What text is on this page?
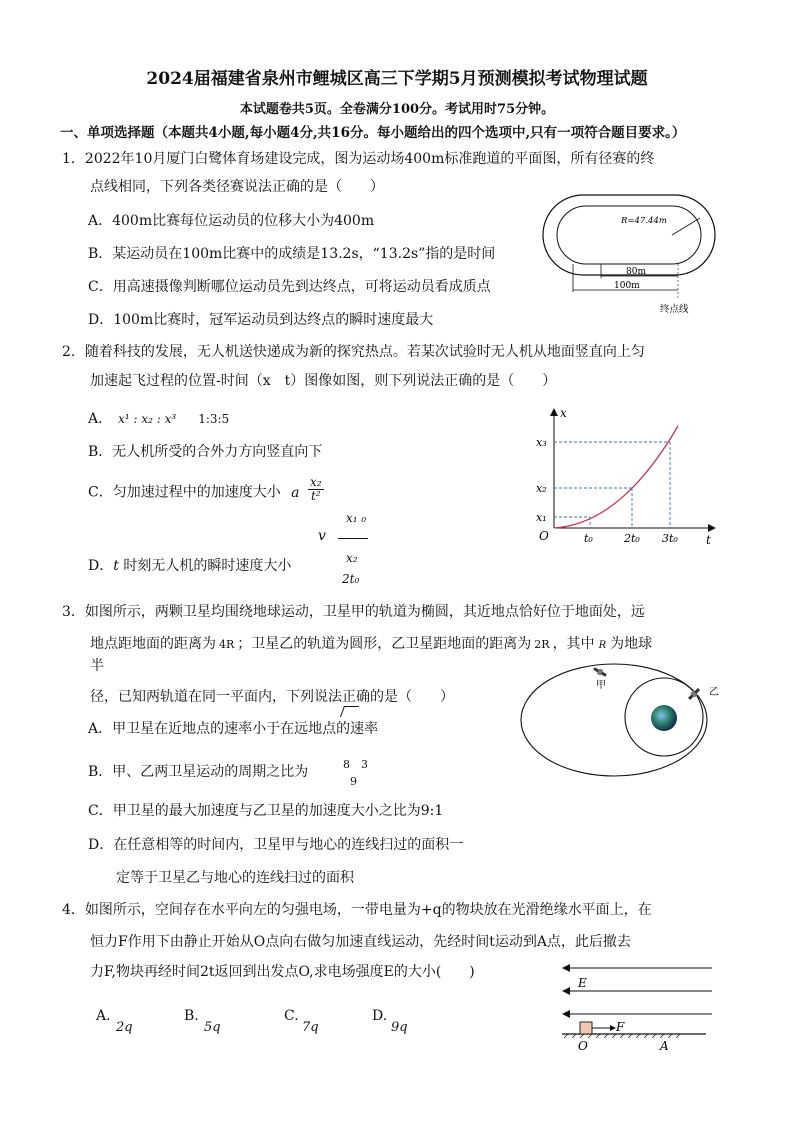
2024届福建省泉州市鲤城区高三下学期5月预测模拟考试物理试题
本试题卷共5页。全卷满分100分。考试用时75分钟。
一、单项选择题（本题共4小题,每小题4分,共16分。每小题给出的四个选项中,只有一项符合题目要求。）
1．2022年10月厦门白鹭体育场建设完成，图为运动场400m标准跑道的平面图，所有径赛的终
点线相同，下列各类径赛说法正确的是（　　）
A．400m比赛每位运动员的位移大小为400m
B．某运动员在100m比赛中的成绩是13.2s，“13.2s”指的是时间
C．用高速摄像判断哪位运动员先到达终点，可将运动员看成质点
D．100m比赛时，冠军运动员到达终点的瞬时速度最大
R=47.44m
80m
100m
终点线
2．随着科技的发展，无人机送快递成为新的探究热点。若某次试验时无人机从地面竖直向上匀
加速起飞过程的位置-时间（x　t）图像如图，则下列说法正确的是（　　）
A． x¹ : x₂ : x³ 1:3:5
B．无人机所受的合外力方向竖直向下
C．匀加速过程中的加速度大小 a $\frac{\text{x₂}}{\text{t²}}$
v
x₁ ₀
D．t 时刻无人机的瞬时速度大小	x₂
2t₀
x
t
O
x₁
x₂
x₃
t₀	2t₀ 3t₀
3．如图所示，两颗卫星均围绕地球运动，卫星甲的轨道为椭圆，其近地点恰好位于地面处，远
地点距地面的距离为 4R ；卫星乙的轨道为圆形，乙卫星距地面的距离为 2R ，其中 R 为地球
半
径，已知两轨道在同一平面内，下列说法正确的是（　　）
A．甲卫星在近地点的速率小于在远地点的速率
B．甲、乙两卫星运动的周期之比为	8　3
9
C．甲卫星的最大加速度与乙卫星的加速度大小之比为9:1
D．在任意相等的时间内，卫星甲与地心的连线扫过的面积一
定等于卫星乙与地心的连线扫过的面积
甲
乙
4．如图所示，空间存在水平向左的匀强电场，一带电量为+q的物块放在光滑绝缘水平面上，在
恒力F作用下由静止开始从O点向右做匀加速直线运动，先经时间t运动到A点，此后撤去
力F,物块再经时间2t返回到出发点O,求电场强度E的大小(　　)
A.
2q
B.
5q
C.
7q
D.
9q
E
F
O	A
